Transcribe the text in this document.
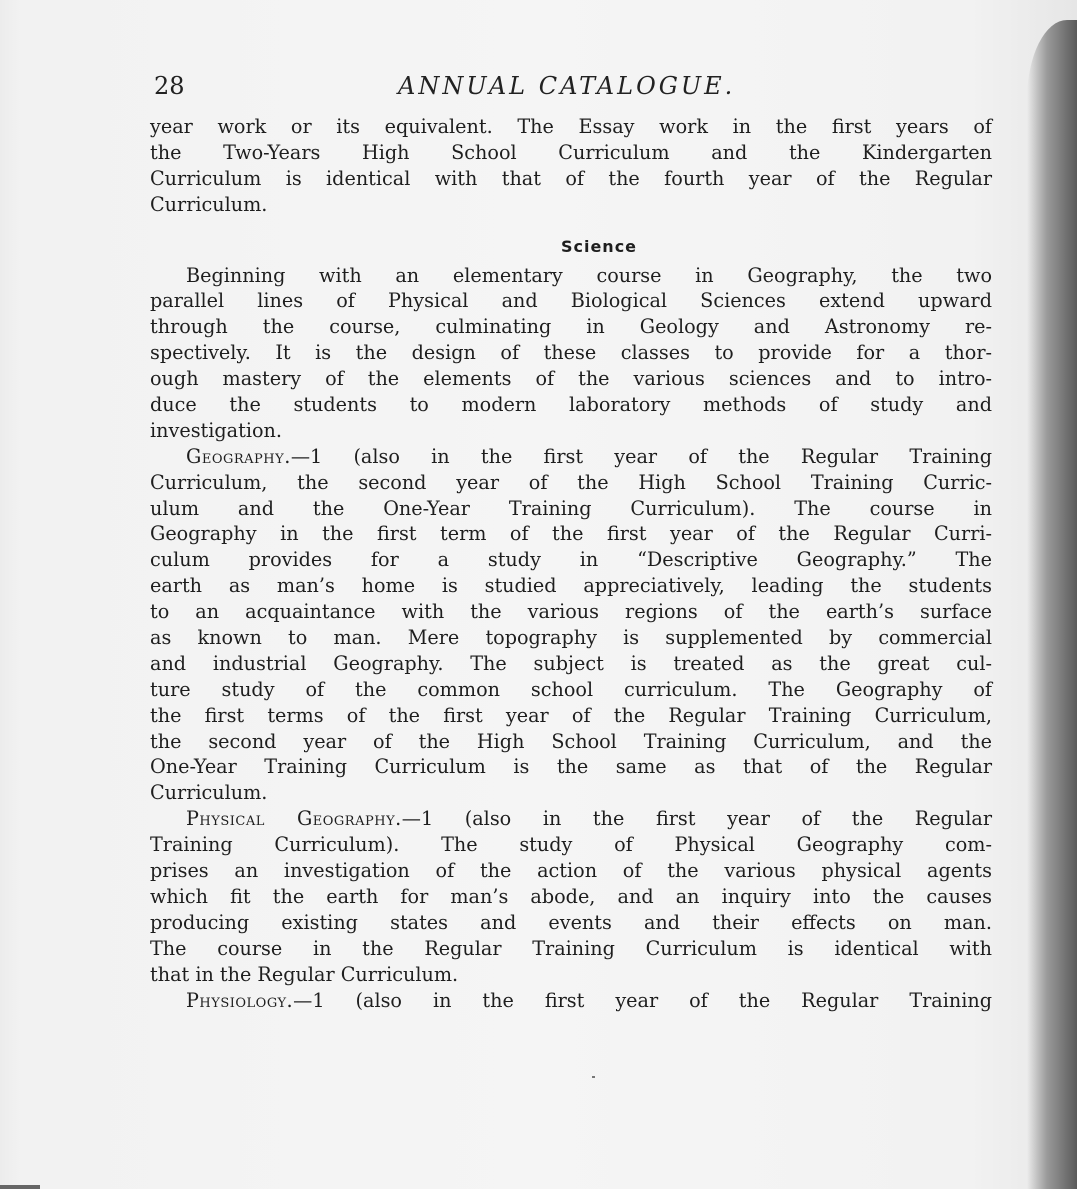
28	ANNUAL CATALOGUE.
year work or its equivalent. The Essay work in the first years of
the Two-Years High School Curriculum and the Kindergarten
Curriculum is identical with that of the fourth year of the Regular
Curriculum.
Science
Beginning with an elementary course in Geography, the two
parallel lines of Physical and Biological Sciences extend upward
through the course, culminating in Geology and Astronomy re-
spectively. It is the design of these classes to provide for a thor-
ough mastery of the elements of the various sciences and to intro-
duce the students to modern laboratory methods of study and
investigation.
Geography.—1 (also in the first year of the Regular Training
Curriculum, the second year of the High School Training Curric-
ulum and the One-Year Training Curriculum). The course in
Geography in the first term of the first year of the Regular Curri-
culum provides for a study in “Descriptive Geography.” The
earth as man’s home is studied appreciatively, leading the students
to an acquaintance with the various regions of the earth’s surface
as known to man. Mere topography is supplemented by commercial
and industrial Geography. The subject is treated as the great cul-
ture study of the common school curriculum. The Geography of
the first terms of the first year of the Regular Training Curriculum,
the second year of the High School Training Curriculum, and the
One-Year Training Curriculum is the same as that of the Regular
Curriculum.
Physical Geography.—1 (also in the first year of the Regular
Training Curriculum). The study of Physical Geography com-
prises an investigation of the action of the various physical agents
which fit the earth for man’s abode, and an inquiry into the causes
producing existing states and events and their effects on man.
The course in the Regular Training Curriculum is identical with
that in the Regular Curriculum.
Physiology.—1 (also in the first year of the Regular Training
